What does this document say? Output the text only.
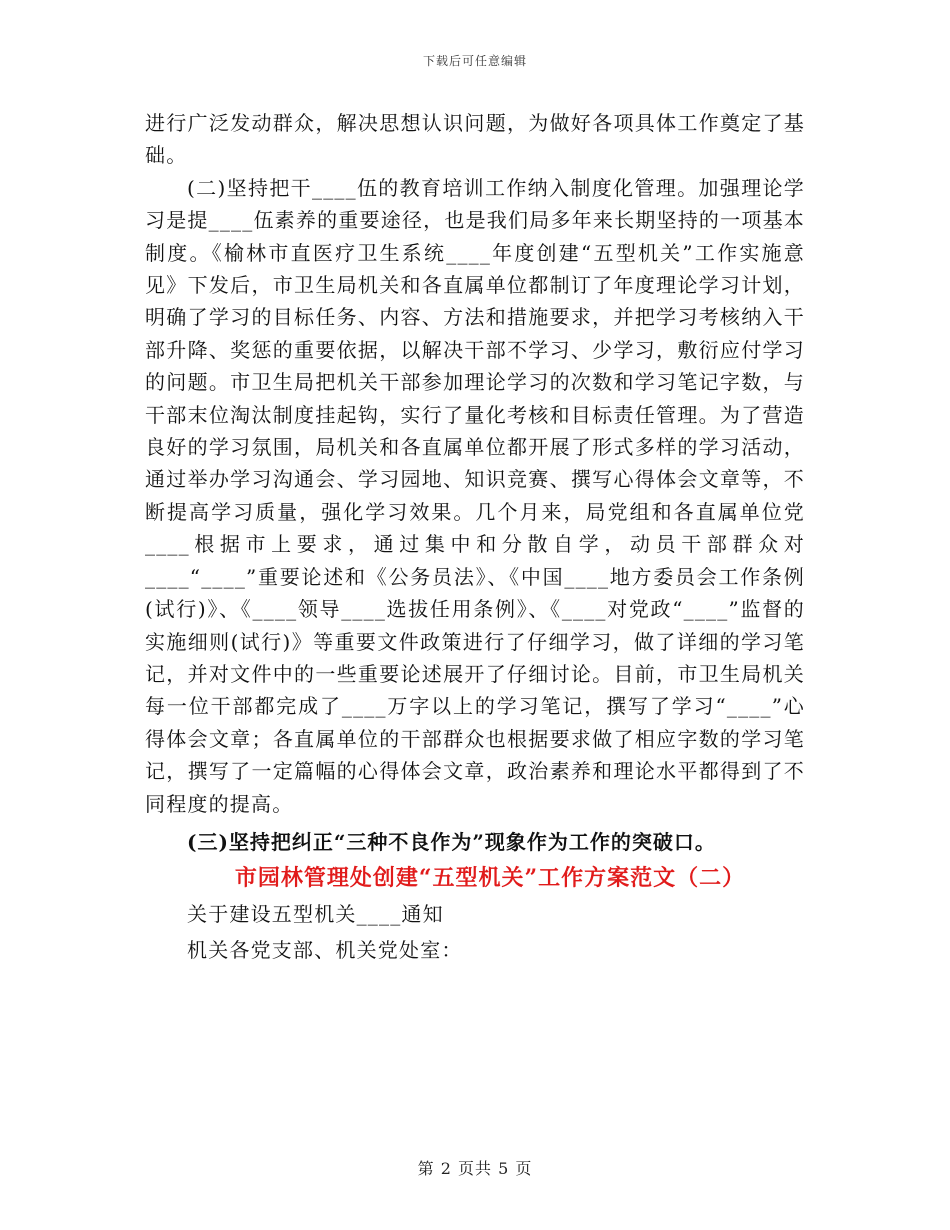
下载后可任意编辑

进行广泛发动群众，解决思想认识问题，为做好各项具体工作奠定了基础。

(二)坚持把干____伍的教育培训工作纳入制度化管理。加强理论学习是提____伍素养的重要途径，也是我们局多年来长期坚持的一项基本制度。《榆林市直医疗卫生系统____年度创建“五型机关”工作实施意见》下发后，市卫生局机关和各直属单位都制订了年度理论学习计划，明确了学习的目标任务、内容、方法和措施要求，并把学习考核纳入干部升降、奖惩的重要依据，以解决干部不学习、少学习，敷衍应付学习的问题。市卫生局把机关干部参加理论学习的次数和学习笔记字数，与干部末位淘汰制度挂起钩，实行了量化考核和目标责任管理。为了营造良好的学习氛围，局机关和各直属单位都开展了形式多样的学习活动，通过举办学习沟通会、学习园地、知识竞赛、撰写心得体会文章等，不断提高学习质量，强化学习效果。几个月来，局党组和各直属单位党____根据市上要求，通过集中和分散自学，动员干部群众对____“____”重要论述和《公务员法》、《中国____地方委员会工作条例(试行)》、《____领导____选拔任用条例》、《____对党政“____”监督的实施细则(试行)》等重要文件政策进行了仔细学习，做了详细的学习笔记，并对文件中的一些重要论述展开了仔细讨论。目前，市卫生局机关每一位干部都完成了____万字以上的学习笔记，撰写了学习“____”心得体会文章；各直属单位的干部群众也根据要求做了相应字数的学习笔记，撰写了一定篇幅的心得体会文章，政治素养和理论水平都得到了不同程度的提高。

(三)坚持把纠正“三种不良作为”现象作为工作的突破口。

市园林管理处创建“五型机关”工作方案范文（二）

关于建设五型机关____通知

机关各党支部、机关党处室：

第 2 页共 5 页
